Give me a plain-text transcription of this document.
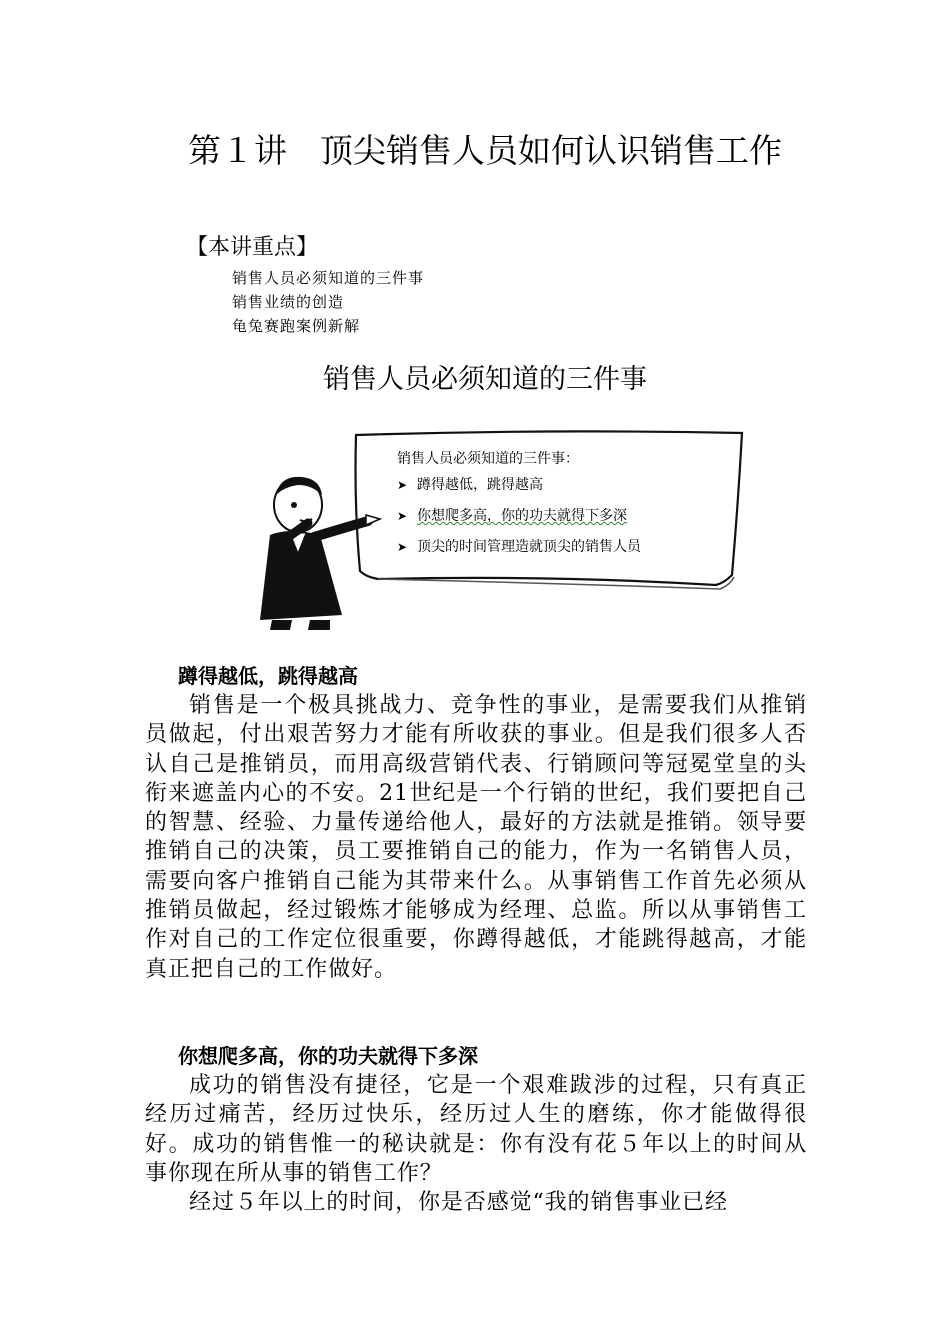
第１讲　顶尖销售人员如何认识销售工作
【本讲重点】
销售人员必须知道的三件事
销售业绩的创造
龟兔赛跑案例新解
销售人员必须知道的三件事
销售人员必须知道的三件事：
➤ 蹲得越低，跳得越高
➤ 你想爬多高，你的功夫就得下多深
➤ 顶尖的时间管理造就顶尖的销售人员
蹲得越低，跳得越高

销售是一个极具挑战力、竞争性的事业，是需要我们从推销员做起，付出艰苦努力才能有所收获的事业。但是我们很多人否认自己是推销员，而用高级营销代表、行销顾问等冠冕堂皇的头衔来遮盖内心的不安。21世纪是一个行销的世纪，我们要把自己的智慧、经验、力量传递给他人，最好的方法就是推销。领导要推销自己的决策，员工要推销自己的能力，作为一名销售人员，需要向客户推销自己能为其带来什么。从事销售工作首先必须从推销员做起，经过锻炼才能够成为经理、总监。所以从事销售工作对自己的工作定位很重要，你蹲得越低，才能跳得越高，才能真正把自己的工作做好。

你想爬多高，你的功夫就得下多深

成功的销售没有捷径，它是一个艰难跋涉的过程，只有真正经历过痛苦，经历过快乐，经历过人生的磨练，你才能做得很好。成功的销售惟一的秘诀就是：你有没有花５年以上的时间从事你现在所从事的销售工作？

经过５年以上的时间，你是否感觉“我的销售事业已经
